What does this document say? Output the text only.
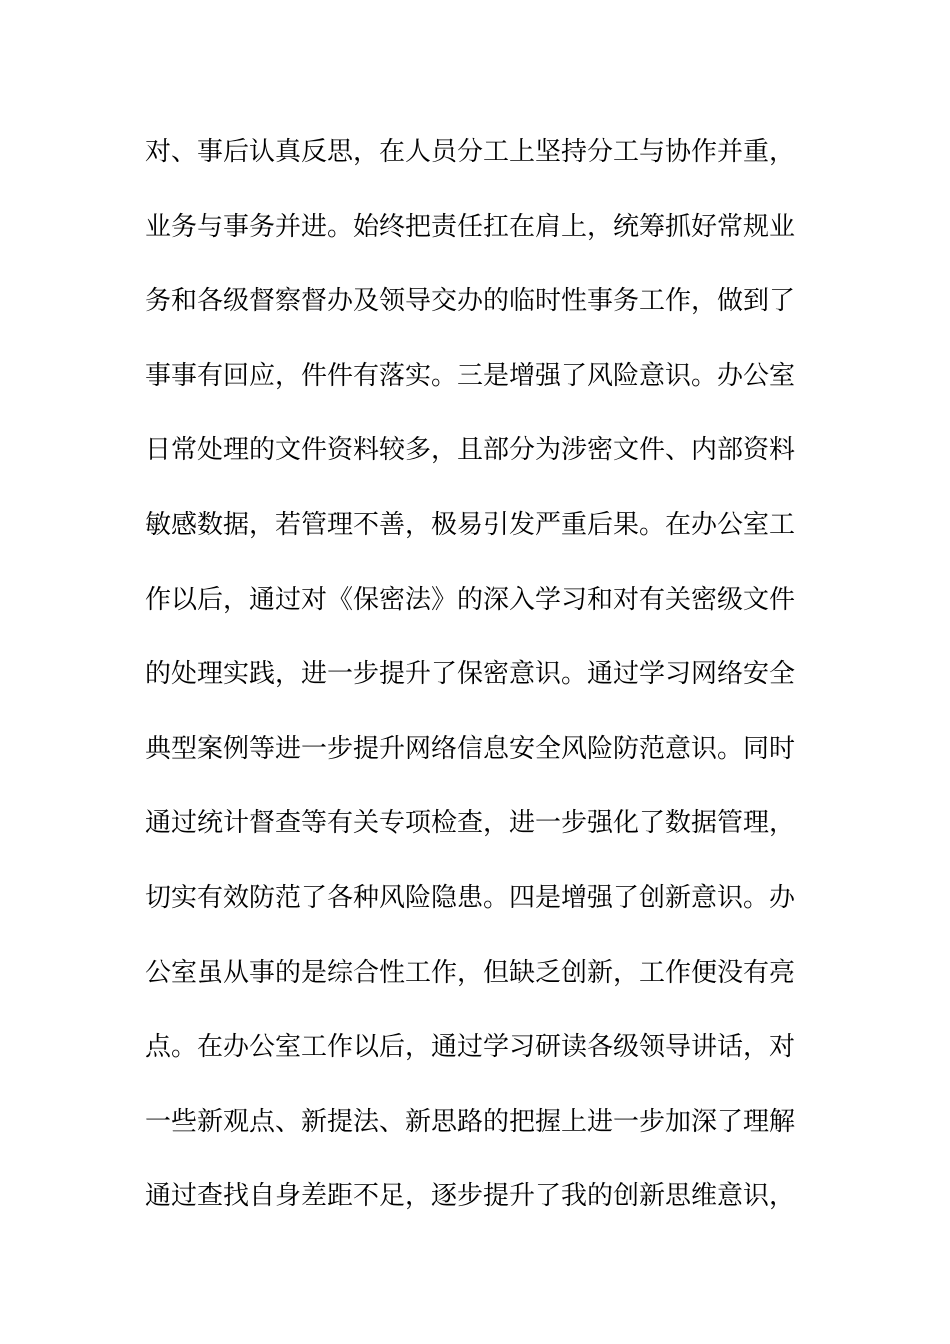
对、事后认真反思，在人员分工上坚持分工与协作并重，
业务与事务并进。始终把责任扛在肩上，统筹抓好常规业
务和各级督察督办及领导交办的临时性事务工作，做到了
事事有回应，件件有落实。三是增强了风险意识。办公室
日常处理的文件资料较多，且部分为涉密文件、内部资料
敏感数据，若管理不善，极易引发严重后果。在办公室工
作以后，通过对《保密法》的深入学习和对有关密级文件
的处理实践，进一步提升了保密意识。通过学习网络安全
典型案例等进一步提升网络信息安全风险防范意识。同时
通过统计督查等有关专项检查，进一步强化了数据管理，
切实有效防范了各种风险隐患。四是增强了创新意识。办
公室虽从事的是综合性工作，但缺乏创新，工作便没有亮
点。在办公室工作以后，通过学习研读各级领导讲话，对
一些新观点、新提法、新思路的把握上进一步加深了理解
通过查找自身差距不足，逐步提升了我的创新思维意识，
